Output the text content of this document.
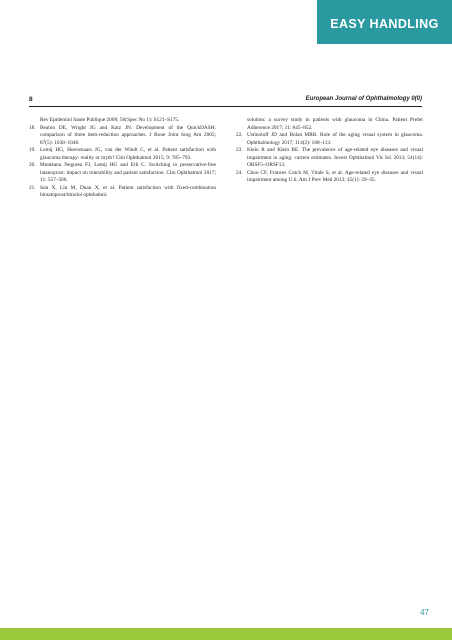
EASY HANDLING
8	European Journal of Ophthalmology 0(0)

Rev Epidemiol Sante Publique 2008; 56(Spec No 1): S121–S175.

18. Beaton DE, Wright JG and Katz JN. Development of the QuickDASH: comparison of three item-reduction approaches. J Bone Joint Surg Am 2005; 87(5): 1038–1046.

19. Lemij HG, Hoevenaars JG, van der Windt C, et al. Patient satisfaction with glaucoma therapy: reality or myth? Clin Ophthalmol 2015; 9: 785–793.

20. Munteanu Negurea FJ, Lemij HG and Erb C. Switching to preservative-free latanoprost: impact on tolerability and patient satisfaction. Clin Ophthalmol 2017; 11: 557–566.

21. Sun X, Liu M, Duan X, et al. Patient satisfaction with fixed-combination bimatoprost/timolol ophthalmic

solution: a survey study in patients with glaucoma in China. Patient Prefer Adherence 2017; 11: 845–852.

22. Ustinoloff JD and Bolan MRR. Role of the aging visual system in glaucoma. Ophthalmology 2017; 114(2): 108–113.

23. Klein R and Klein BE. The prevalence of age-related eye diseases and visual impairment in aging: current estimates. Invest Ophthalmol Vis Sci 2013; 54(14): ORSF5–ORSF13.

24. Chou CF, Frances Cotch M, Vitale S, et al. Age-related eye diseases and visual impairment among U.S. Am J Prev Med 2013; 45(1): 29–35.

47
